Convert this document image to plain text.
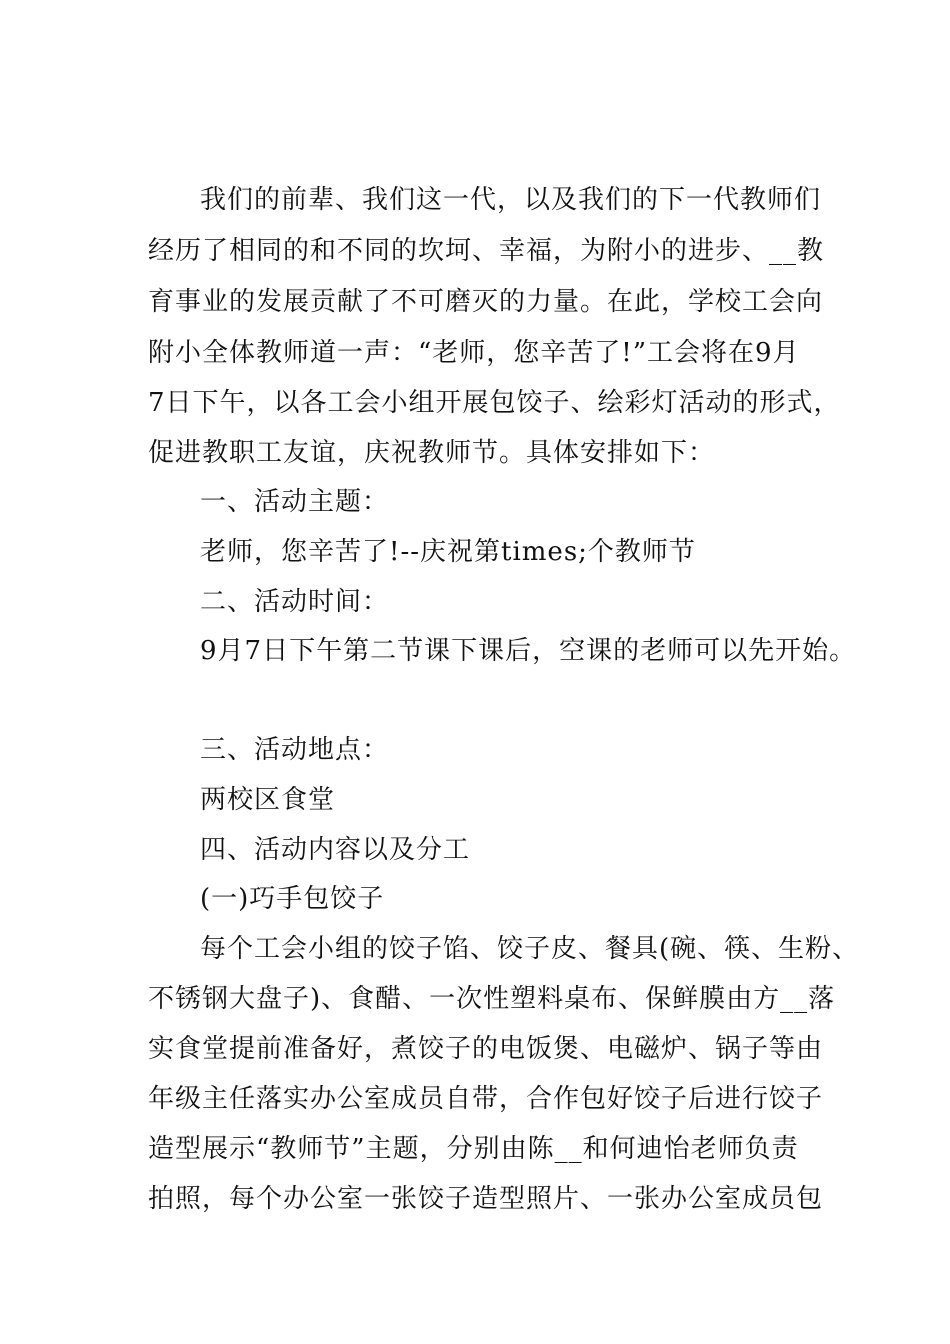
我们的前辈、我们这一代，以及我们的下一代教师们
经历了相同的和不同的坎坷、幸福，为附小的进步、__教
育事业的发展贡献了不可磨灭的力量。在此，学校工会向
附小全体教师道一声：“老师，您辛苦了!”工会将在9月
7日下午，以各工会小组开展包饺子、绘彩灯活动的形式，
促进教职工友谊，庆祝教师节。具体安排如下：
一、活动主题：
老师，您辛苦了!--庆祝第times;个教师节
二、活动时间：
9月7日下午第二节课下课后，空课的老师可以先开始。
三、活动地点：
两校区食堂
四、活动内容以及分工
(一)巧手包饺子
每个工会小组的饺子馅、饺子皮、餐具(碗、筷、生粉、
不锈钢大盘子)、食醋、一次性塑料桌布、保鲜膜由方__落
实食堂提前准备好，煮饺子的电饭煲、电磁炉、锅子等由
年级主任落实办公室成员自带，合作包好饺子后进行饺子
造型展示“教师节”主题，分别由陈__和何迪怡老师负责
拍照，每个办公室一张饺子造型照片、一张办公室成员包
